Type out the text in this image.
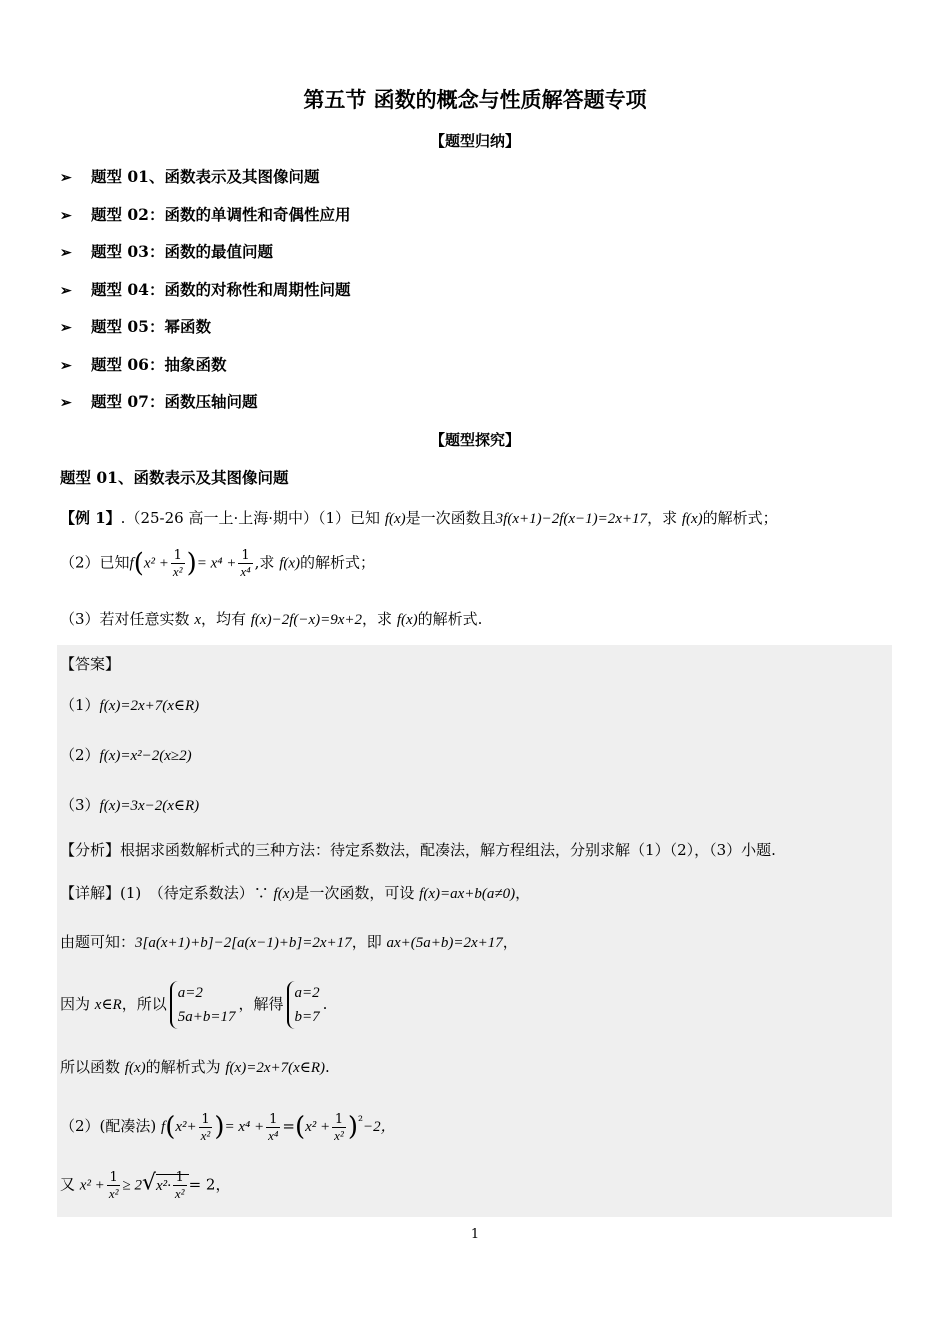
第五节 函数的概念与性质解答题专项
【题型归纳】
➢ 题型 01、函数表示及其图像问题
➢ 题型 02：函数的单调性和奇偶性应用
➢ 题型 03：函数的最值问题
➢ 题型 04：函数的对称性和周期性问题
➢ 题型 05：幂函数
➢ 题型 06：抽象函数
➢ 题型 07：函数压轴问题
【题型探究】
题型 01、函数表示及其图像问题
【例 1】.（25-26 高一上·上海·期中）（1）已知 f(x)是一次函数且3f(x+1)−2f(x−1)=2x+17，求 f(x)的解析式；
（2）已知$f(x^2 + \frac{1}{\text{x²}}$ )= $x^4 + \frac{1}{\text{x⁴}}$ ,求 f(x)的解析式；
（3）若对任意实数 x，均有 f(x)−2f(−x)=9x+2，求 f(x)的解析式.
【答案】
（1）f(x)=2x+7(x∈R)
（2）f(x)=x²−2(x≥2)
（3）f(x)=3x−2(x∈R)
【分析】根据求函数解析式的三种方法：待定系数法，配凑法，解方程组法，分别求解（1）（2），（3）小题.
【详解】(1)　（待定系数法）∵ f(x)是一次函数，可设 f(x)=ax+b(a≠0)，
由题可知：3[a(x+1)+b]−2[a(x−1)+b]=2x+17，即 ax+(5a+b)=2x+17，
因为 x∈R，所以
a=2
5a+b=17
，解得
a=2
b=7
.
所以函数 f(x)的解析式为 f(x)=2x+7(x∈R).
（2）(配凑法) $f(x^2+ \frac{1}{\text{x²}}$ )= $x^4 + \frac{1}{\text{x⁴}} =(x^2 + \frac{1}{\text{x²}} )^{^2}-2$，
又 $x^2 + \frac{1}{\text{x²}} \ge 2√x^2\cdot \frac{1}{\text{x²}} = 2$，
1
